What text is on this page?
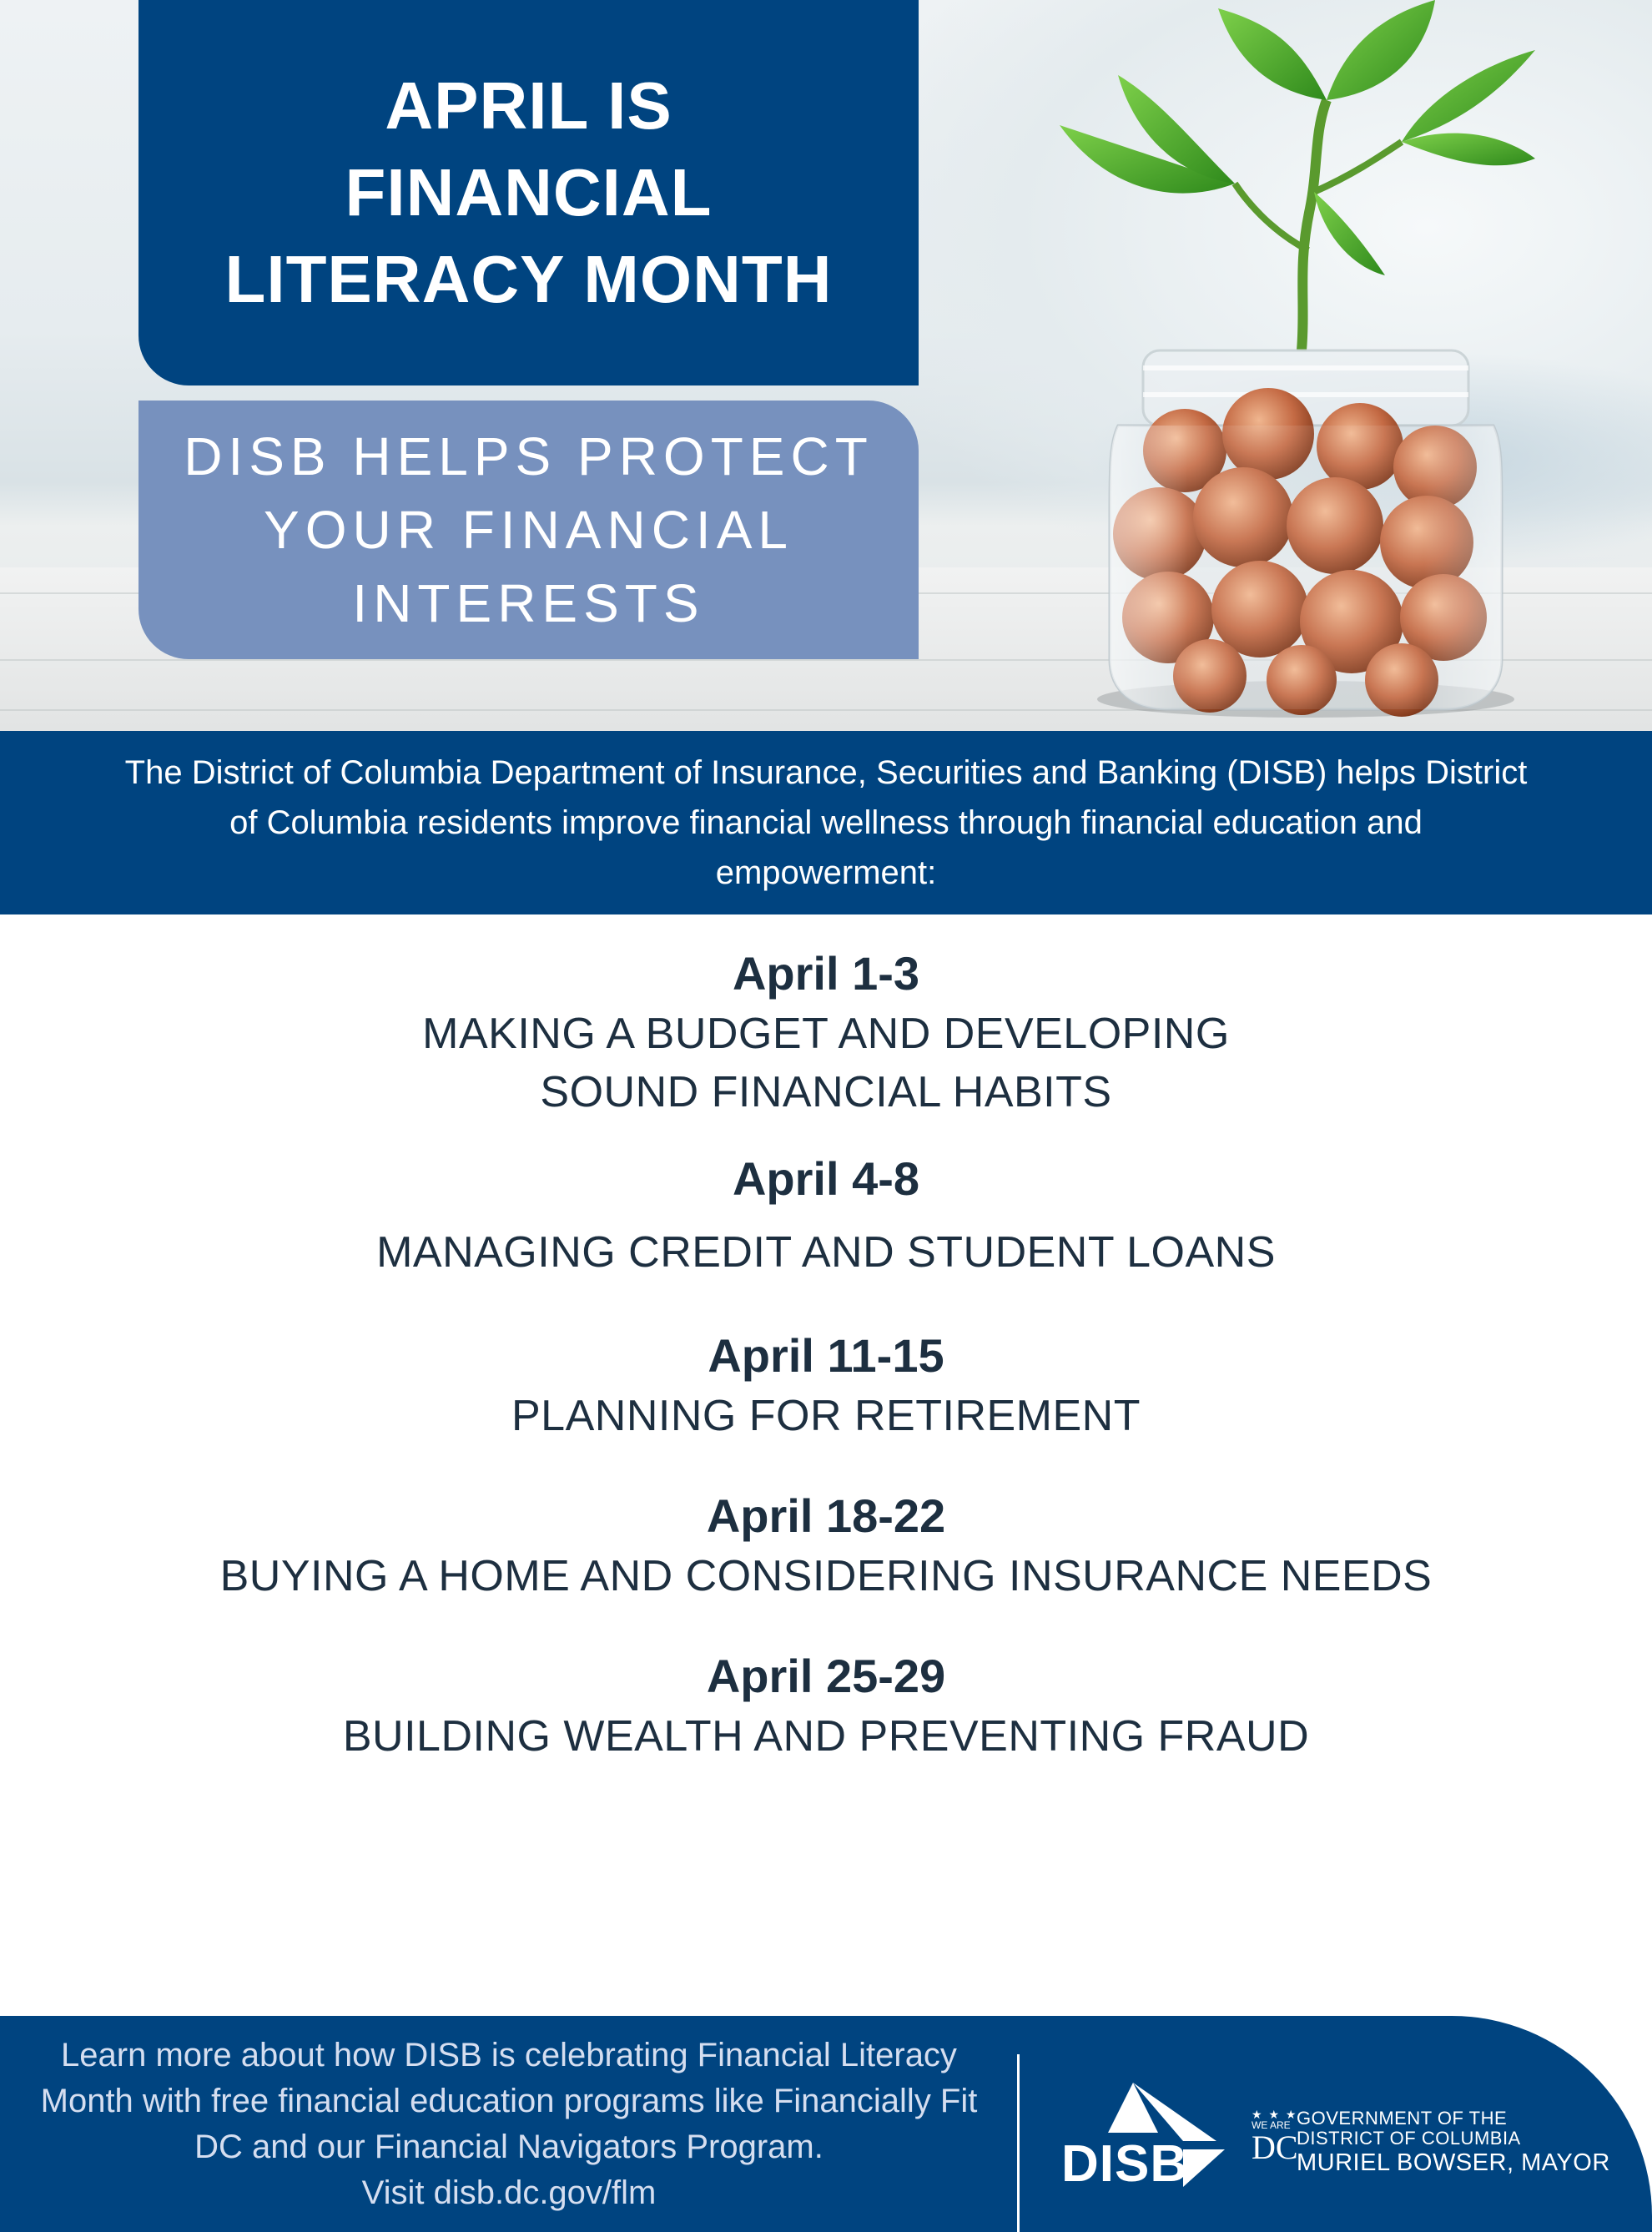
APRIL IS
FINANCIAL
LITERACY MONTH
DISB HELPS PROTECT
YOUR FINANCIAL
INTERESTS

The District of Columbia Department of Insurance, Securities and Banking (DISB) helps District of Columbia residents improve financial wellness through financial education and empowerment:

April 1-3
MAKING A BUDGET AND DEVELOPING
SOUND FINANCIAL HABITS
April 4-8
MANAGING CREDIT AND STUDENT LOANS
April 11-15
PLANNING FOR RETIREMENT
April 18-22
BUYING A HOME AND CONSIDERING INSURANCE NEEDS
April 25-29
BUILDING WEALTH AND PREVENTING FRAUD

Learn more about how DISB is celebrating Financial Literacy Month with free financial education programs like Financially Fit DC and our Financial Navigators Program.
Visit disb.dc.gov/flm	DISB
★ ★ ★
WE ARE
DC
GOVERNMENT OF THE
DISTRICT OF COLUMBIA
MURIEL BOWSER, MAYOR
